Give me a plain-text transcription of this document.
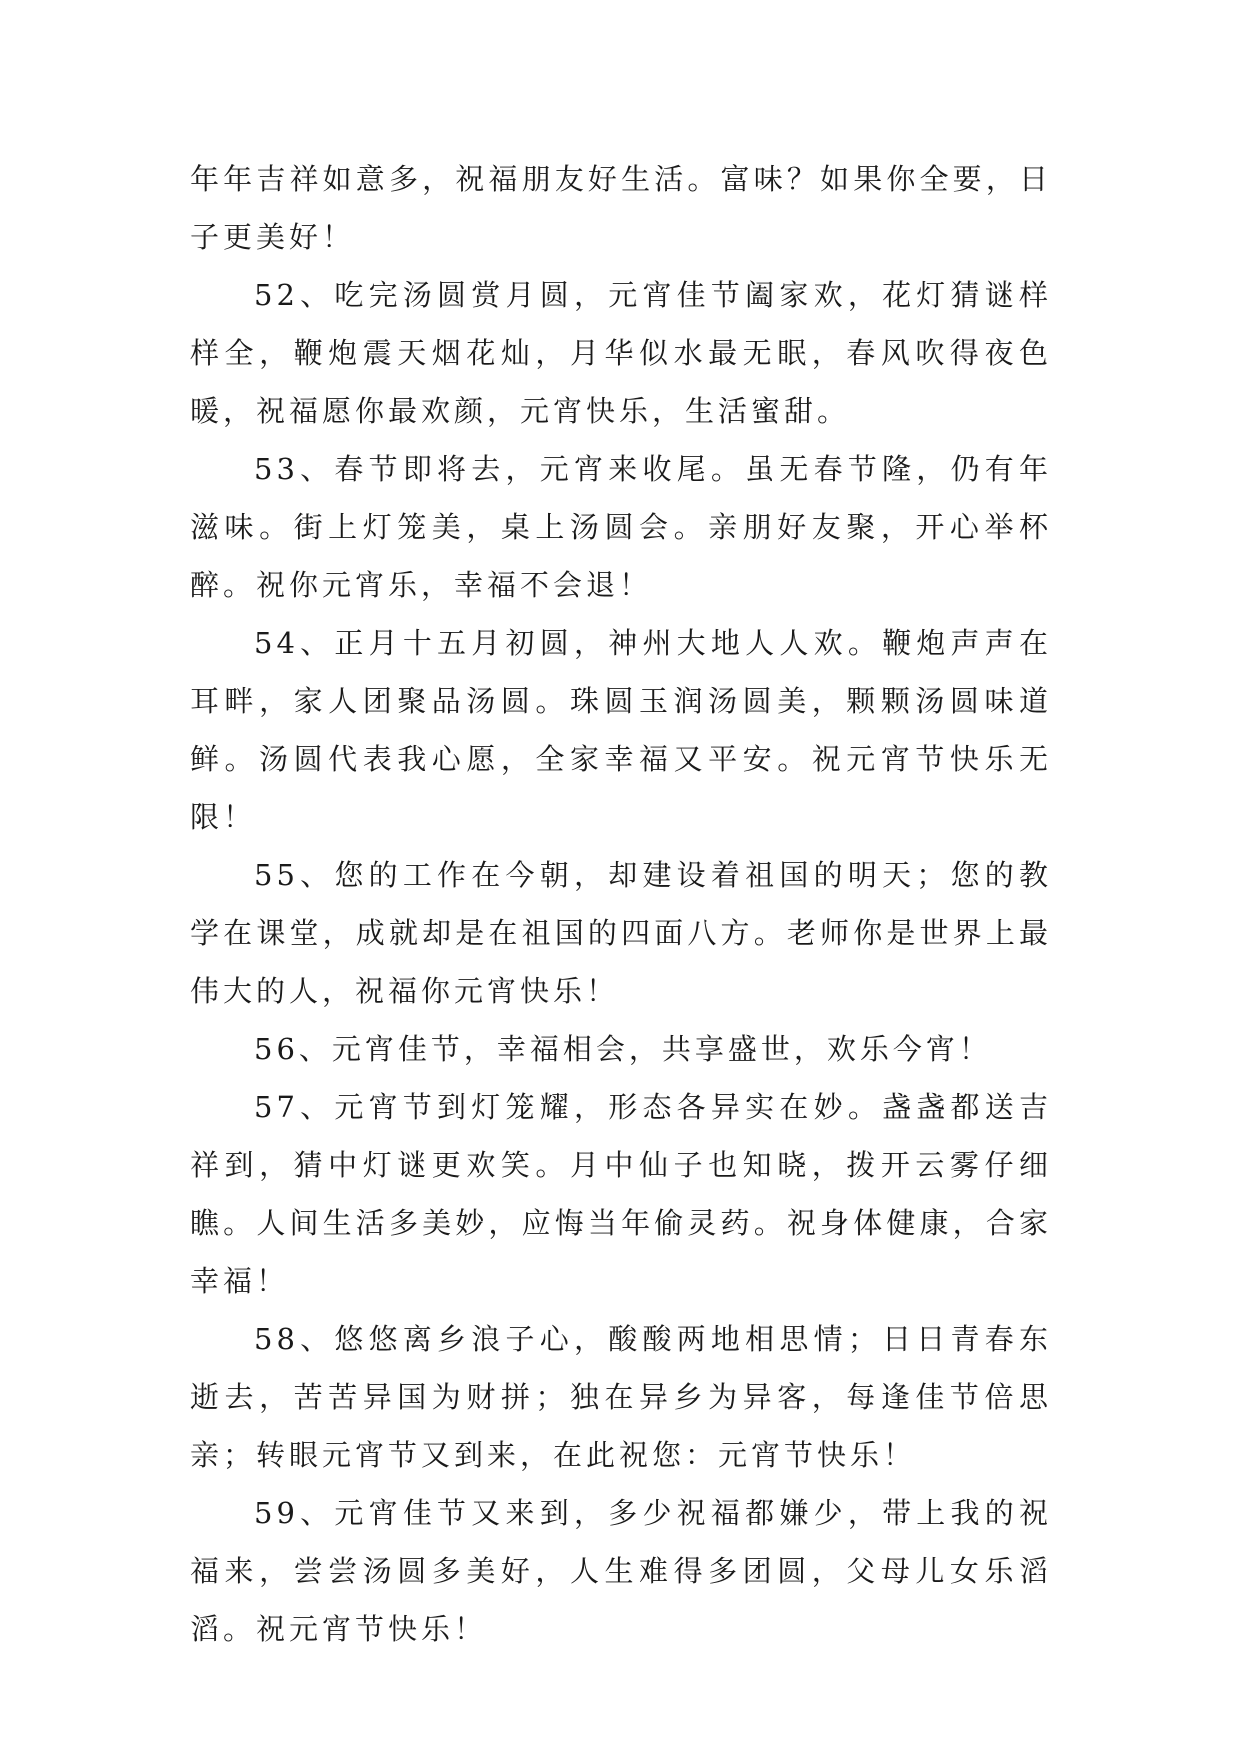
年年吉祥如意多，祝福朋友好生活。富味？如果你全要，日子更美好！

52、吃完汤圆赏月圆，元宵佳节阖家欢，花灯猜谜样样全，鞭炮震天烟花灿，月华似水最无眠，春风吹得夜色暖，祝福愿你最欢颜，元宵快乐，生活蜜甜。

53、春节即将去，元宵来收尾。虽无春节隆，仍有年滋味。街上灯笼美，桌上汤圆会。亲朋好友聚，开心举杯醉。祝你元宵乐，幸福不会退！

54、正月十五月初圆，神州大地人人欢。鞭炮声声在耳畔，家人团聚品汤圆。珠圆玉润汤圆美，颗颗汤圆味道鲜。汤圆代表我心愿，全家幸福又平安。祝元宵节快乐无限！

55、您的工作在今朝，却建设着祖国的明天；您的教学在课堂，成就却是在祖国的四面八方。老师你是世界上最伟大的人，祝福你元宵快乐！

56、元宵佳节，幸福相会，共享盛世，欢乐今宵！

57、元宵节到灯笼耀，形态各异实在妙。盏盏都送吉祥到，猜中灯谜更欢笑。月中仙子也知晓，拨开云雾仔细瞧。人间生活多美妙，应悔当年偷灵药。祝身体健康，合家幸福！

58、悠悠离乡浪子心，酸酸两地相思情；日日青春东逝去，苦苦异国为财拼；独在异乡为异客，每逢佳节倍思亲；转眼元宵节又到来，在此祝您：元宵节快乐！

59、元宵佳节又来到，多少祝福都嫌少，带上我的祝福来，尝尝汤圆多美好，人生难得多团圆，父母儿女乐滔滔。祝元宵节快乐！
